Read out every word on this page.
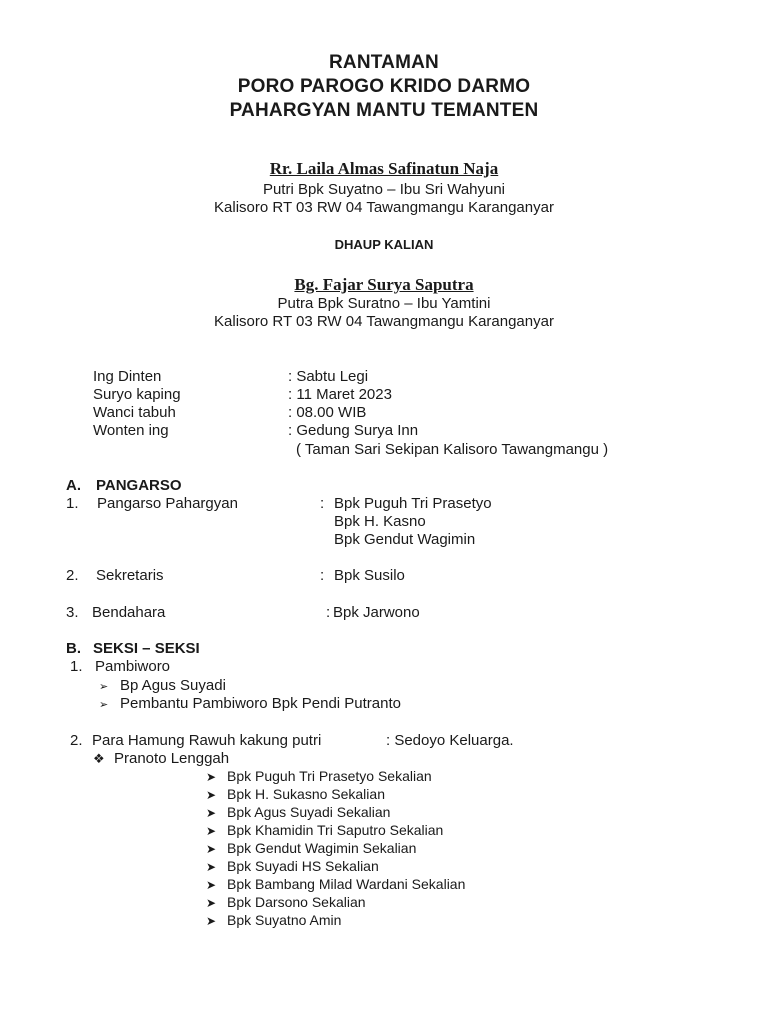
RANTAMAN
PORO PAROGO KRIDO DARMO
PAHARGYAN MANTU TEMANTEN
Rr. Laila Almas Safinatun Naja
Putri Bpk Suyatno – Ibu Sri Wahyuni
Kalisoro RT 03 RW 04 Tawangmangu Karanganyar
DHAUP KALIAN
Bg. Fajar Surya Saputra
Putra Bpk Suratno – Ibu Yamtini
Kalisoro RT 03 RW 04 Tawangmangu Karanganyar
Ing Dinten	: Sabtu Legi
Suryo kaping	: 11 Maret 2023
Wanci tabuh	: 08.00 WIB
Wonten ing	: Gedung Surya Inn
( Taman Sari Sekipan Kalisoro Tawangmangu )
A. PANGARSO
1. Pangarso Pahargyan	: Bpk Puguh Tri Prasetyo
Bpk H. Kasno
Bpk Gendut Wagimin
2. Sekretaris	: Bpk Susilo
3. Bendahara	: Bpk Jarwono
B. SEKSI – SEKSI
1. Pambiworo
➢ Bp Agus Suyadi
➢ Pembantu Pambiworo Bpk Pendi Putranto
2. Para Hamung Rawuh kakung putri	: Sedoyo Keluarga.
❖ Pranoto Lenggah
➤ Bpk Puguh Tri Prasetyo Sekalian
➤ Bpk H. Sukasno Sekalian
➤ Bpk Agus Suyadi Sekalian
➤ Bpk Khamidin Tri Saputro Sekalian
➤ Bpk Gendut Wagimin Sekalian
➤ Bpk Suyadi HS Sekalian
➤ Bpk Bambang Milad Wardani Sekalian
➤ Bpk Darsono Sekalian
➤ Bpk Suyatno Amin
